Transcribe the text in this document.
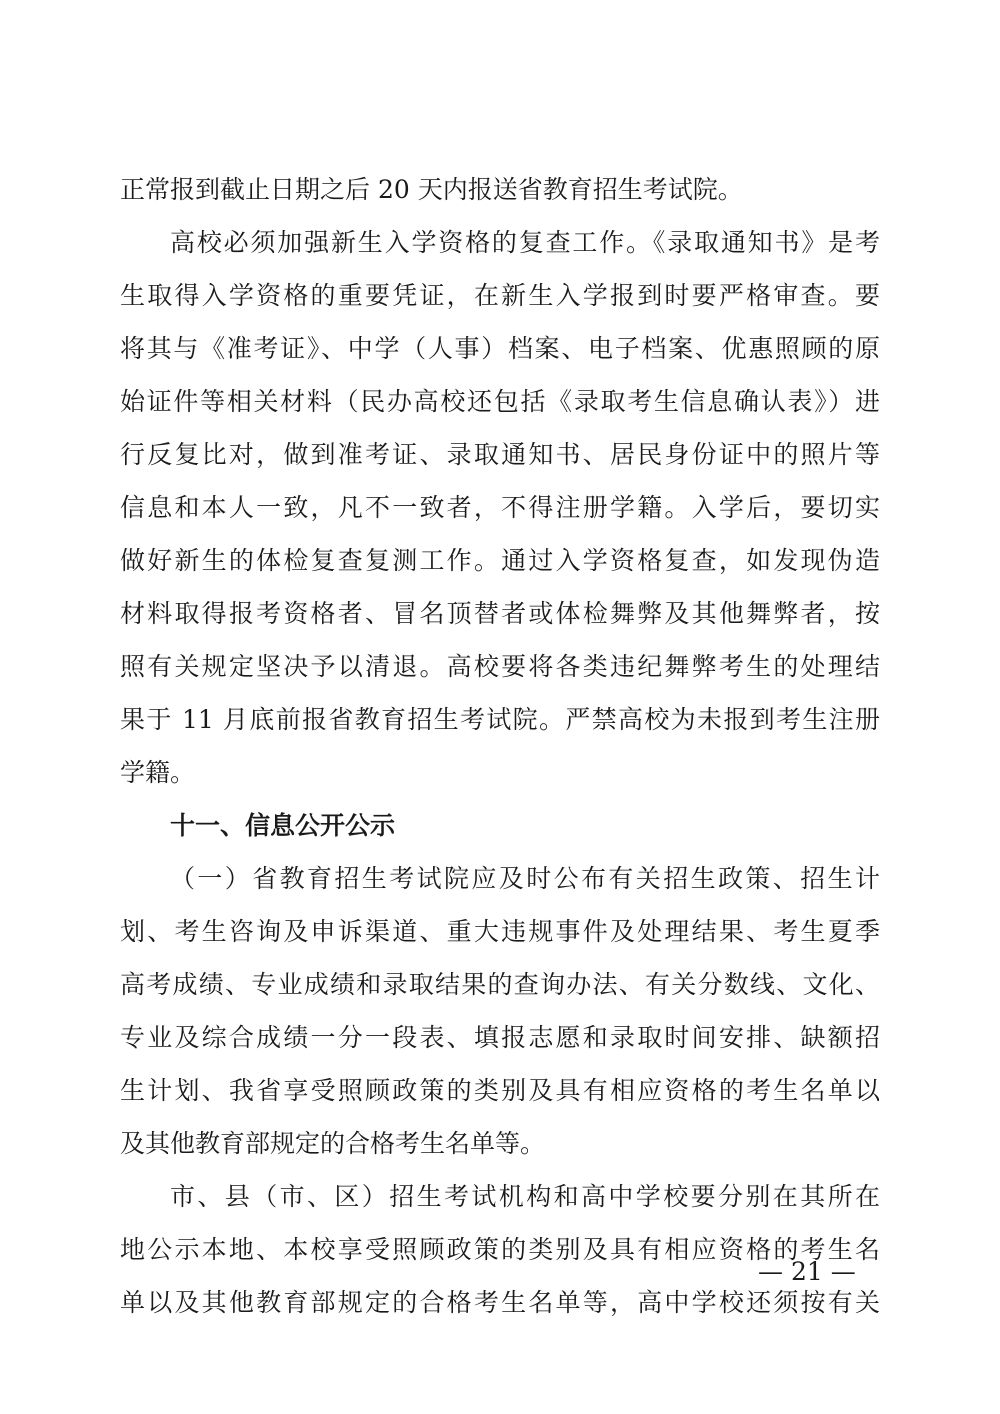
正常报到截止日期之后 20 天内报送省教育招生考试院。
高校必须加强新生入学资格的复查工作。《录取通知书》是考
生取得入学资格的重要凭证，在新生入学报到时要严格审查。要
将其与《准考证》、中学（人事）档案、电子档案、优惠照顾的原
始证件等相关材料（民办高校还包括《录取考生信息确认表》）进
行反复比对，做到准考证、录取通知书、居民身份证中的照片等
信息和本人一致，凡不一致者，不得注册学籍。入学后，要切实
做好新生的体检复查复测工作。通过入学资格复查，如发现伪造
材料取得报考资格者、冒名顶替者或体检舞弊及其他舞弊者，按
照有关规定坚决予以清退。高校要将各类违纪舞弊考生的处理结
果于 11 月底前报省教育招生考试院。严禁高校为未报到考生注册
学籍。
十一、信息公开公示
（一）省教育招生考试院应及时公布有关招生政策、招生计
划、考生咨询及申诉渠道、重大违规事件及处理结果、考生夏季
高考成绩、专业成绩和录取结果的查询办法、有关分数线、文化、
专业及综合成绩一分一段表、填报志愿和录取时间安排、缺额招
生计划、我省享受照顾政策的类别及具有相应资格的考生名单以
及其他教育部规定的合格考生名单等。
市、县（市、区）招生考试机构和高中学校要分别在其所在
地公示本地、本校享受照顾政策的类别及具有相应资格的考生名
单以及其他教育部规定的合格考生名单等，高中学校还须按有关
— 21 —
